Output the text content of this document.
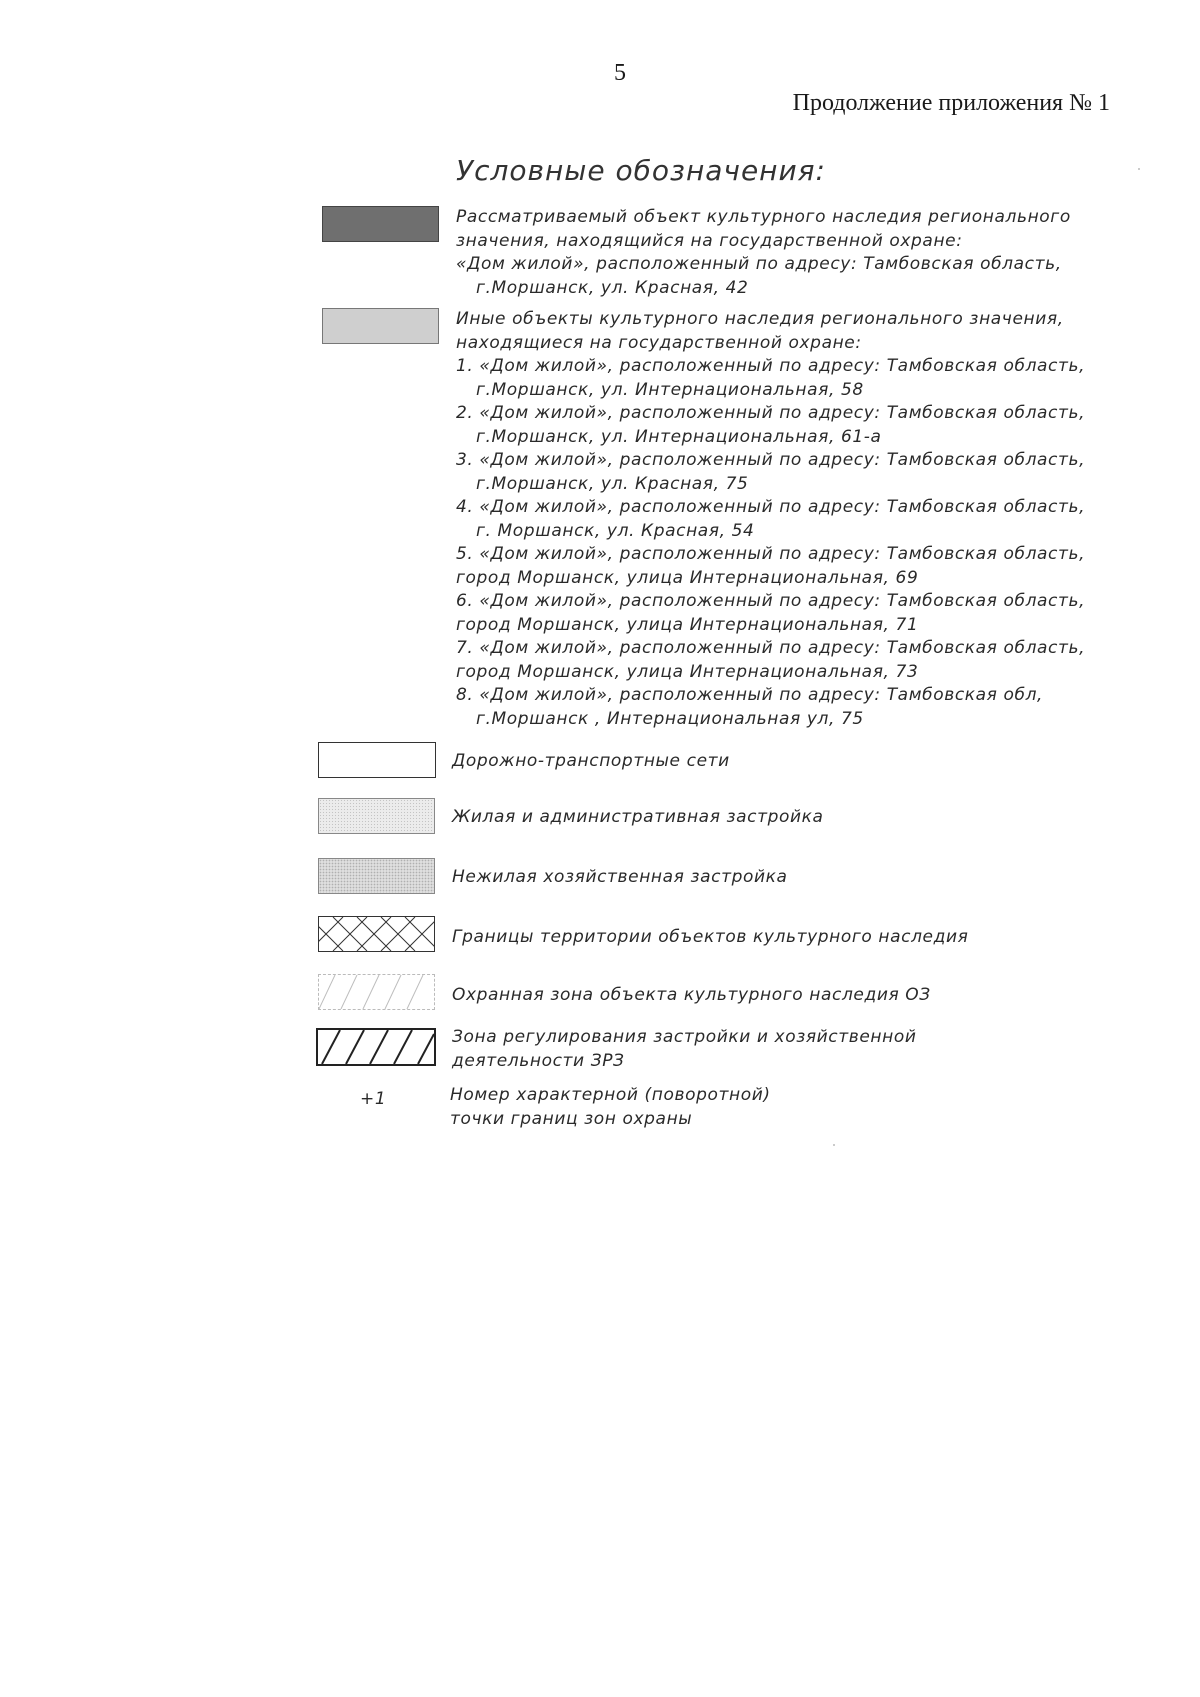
5
Продолжение приложения № 1
Условные обозначения:
Рассматриваемый объект культурного наследия регионального
значения, находящийся на государственной охране:
«Дом жилой», расположенный по адресу: Тамбовская область,
г.Моршанск, ул. Красная, 42
Иные объекты культурного наследия регионального значения,
находящиеся на государственной охране:
1. «Дом жилой», расположенный по адресу: Тамбовская область,
г.Моршанск, ул. Интернациональная, 58
2. «Дом жилой», расположенный по адресу: Тамбовская область,
г.Моршанск, ул. Интернациональная, 61-а
3. «Дом жилой», расположенный по адресу: Тамбовская область,
г.Моршанск, ул. Красная, 75
4. «Дом жилой», расположенный по адресу: Тамбовская область,
г. Моршанск, ул. Красная, 54
5. «Дом жилой», расположенный по адресу: Тамбовская область,
город Моршанск, улица Интернациональная, 69
6. «Дом жилой», расположенный по адресу: Тамбовская область,
город Моршанск, улица Интернациональная, 71
7. «Дом жилой», расположенный по адресу: Тамбовская область,
город Моршанск, улица Интернациональная, 73
8. «Дом жилой», расположенный по адресу: Тамбовская обл,
г.Моршанск , Интернациональная ул, 75
Дорожно-транспортные сети
Жилая и административная застройка
Нежилая хозяйственная застройка
Границы территории объектов культурного наследия
Охранная зона объекта культурного наследия ОЗ
Зона регулирования застройки и хозяйственной
деятельности ЗРЗ
+1	Номер характерной (поворотной)
точки границ зон охраны
